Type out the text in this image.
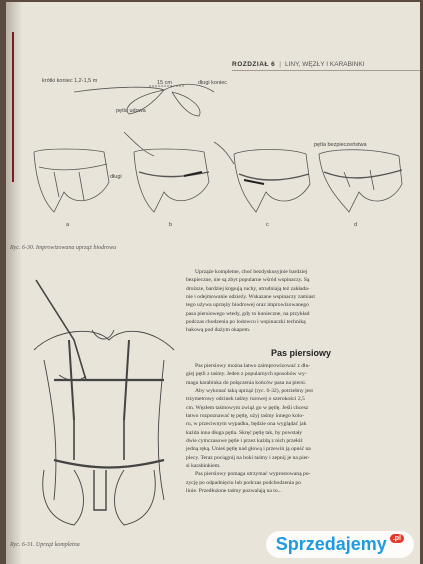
ROZDZIAŁ 6 | LINY, WĘZŁY I KARABINKI
krótki koniec 1,2-1,5 m	15 cm	długi koniec
pętla udowa
długi
pętla bezpieczeństwa
a	b	c	d
Ryc. 6-30. Improwizowana uprząż biodrowa
Ryc. 6-31. Uprząż kompletna
Uprząże kompletne, choć bezdyskusyjnie bardziej
bezpieczne, nie są zbyt popularne wśród wspinaczy. Są
droższe, bardziej krępują ruchy, utrudniają też zakłada-
nie i odejmowanie odzieży. Wskazane wspinaczy zamiast
tego używa uprzęży biodrowej oraz improwizowanego
pasa piersiowego wtedy, gdy to konieczne, na przykład
podczas chodzenia po lodowcu i wspinaczki techniką
hakową pod dużym okapem.
Pas piersiowy
Pas piersiowy można łatwo zaimprowizować z dłu-
giej pętli z taśmy. Jeden z popularnych sposobów wy-
maga karabinka do połączenia końców pasa na piersi.
Aby wykonać taką uprząż (ryc. 6-32), potrzebny jest
trzymetrowy odcinek taśmy rurowej o szerokości 2,5
cm. Węzłem taśmowym zwiąż go w pętlę. Jeśli chcesz
łatwo rozpoznawać tę pętlę, użyj taśmy innego kolo-
ru, w przeciwnym wypadku, będzie ona wyglądać jak
każda inna długa pętla. Skręć pętlę tak, by powstały
dwie cymczasowe pętle i przez każdą z nich przełóż
jedną ręką. Unieś pętlę nad głową i przewiń ją opuść na
plecy. Teraz pociągnij na boki taśmy i zepnij je na pier-
si karabinkiem.
Pas piersiowy pomaga utrzymać wyprostowaną po-
zycję po odpadnięciu lub podczas podchodzenia po
linie. Przedłużone taśmy pozwalają na to...
Sprzedajemy .pl
